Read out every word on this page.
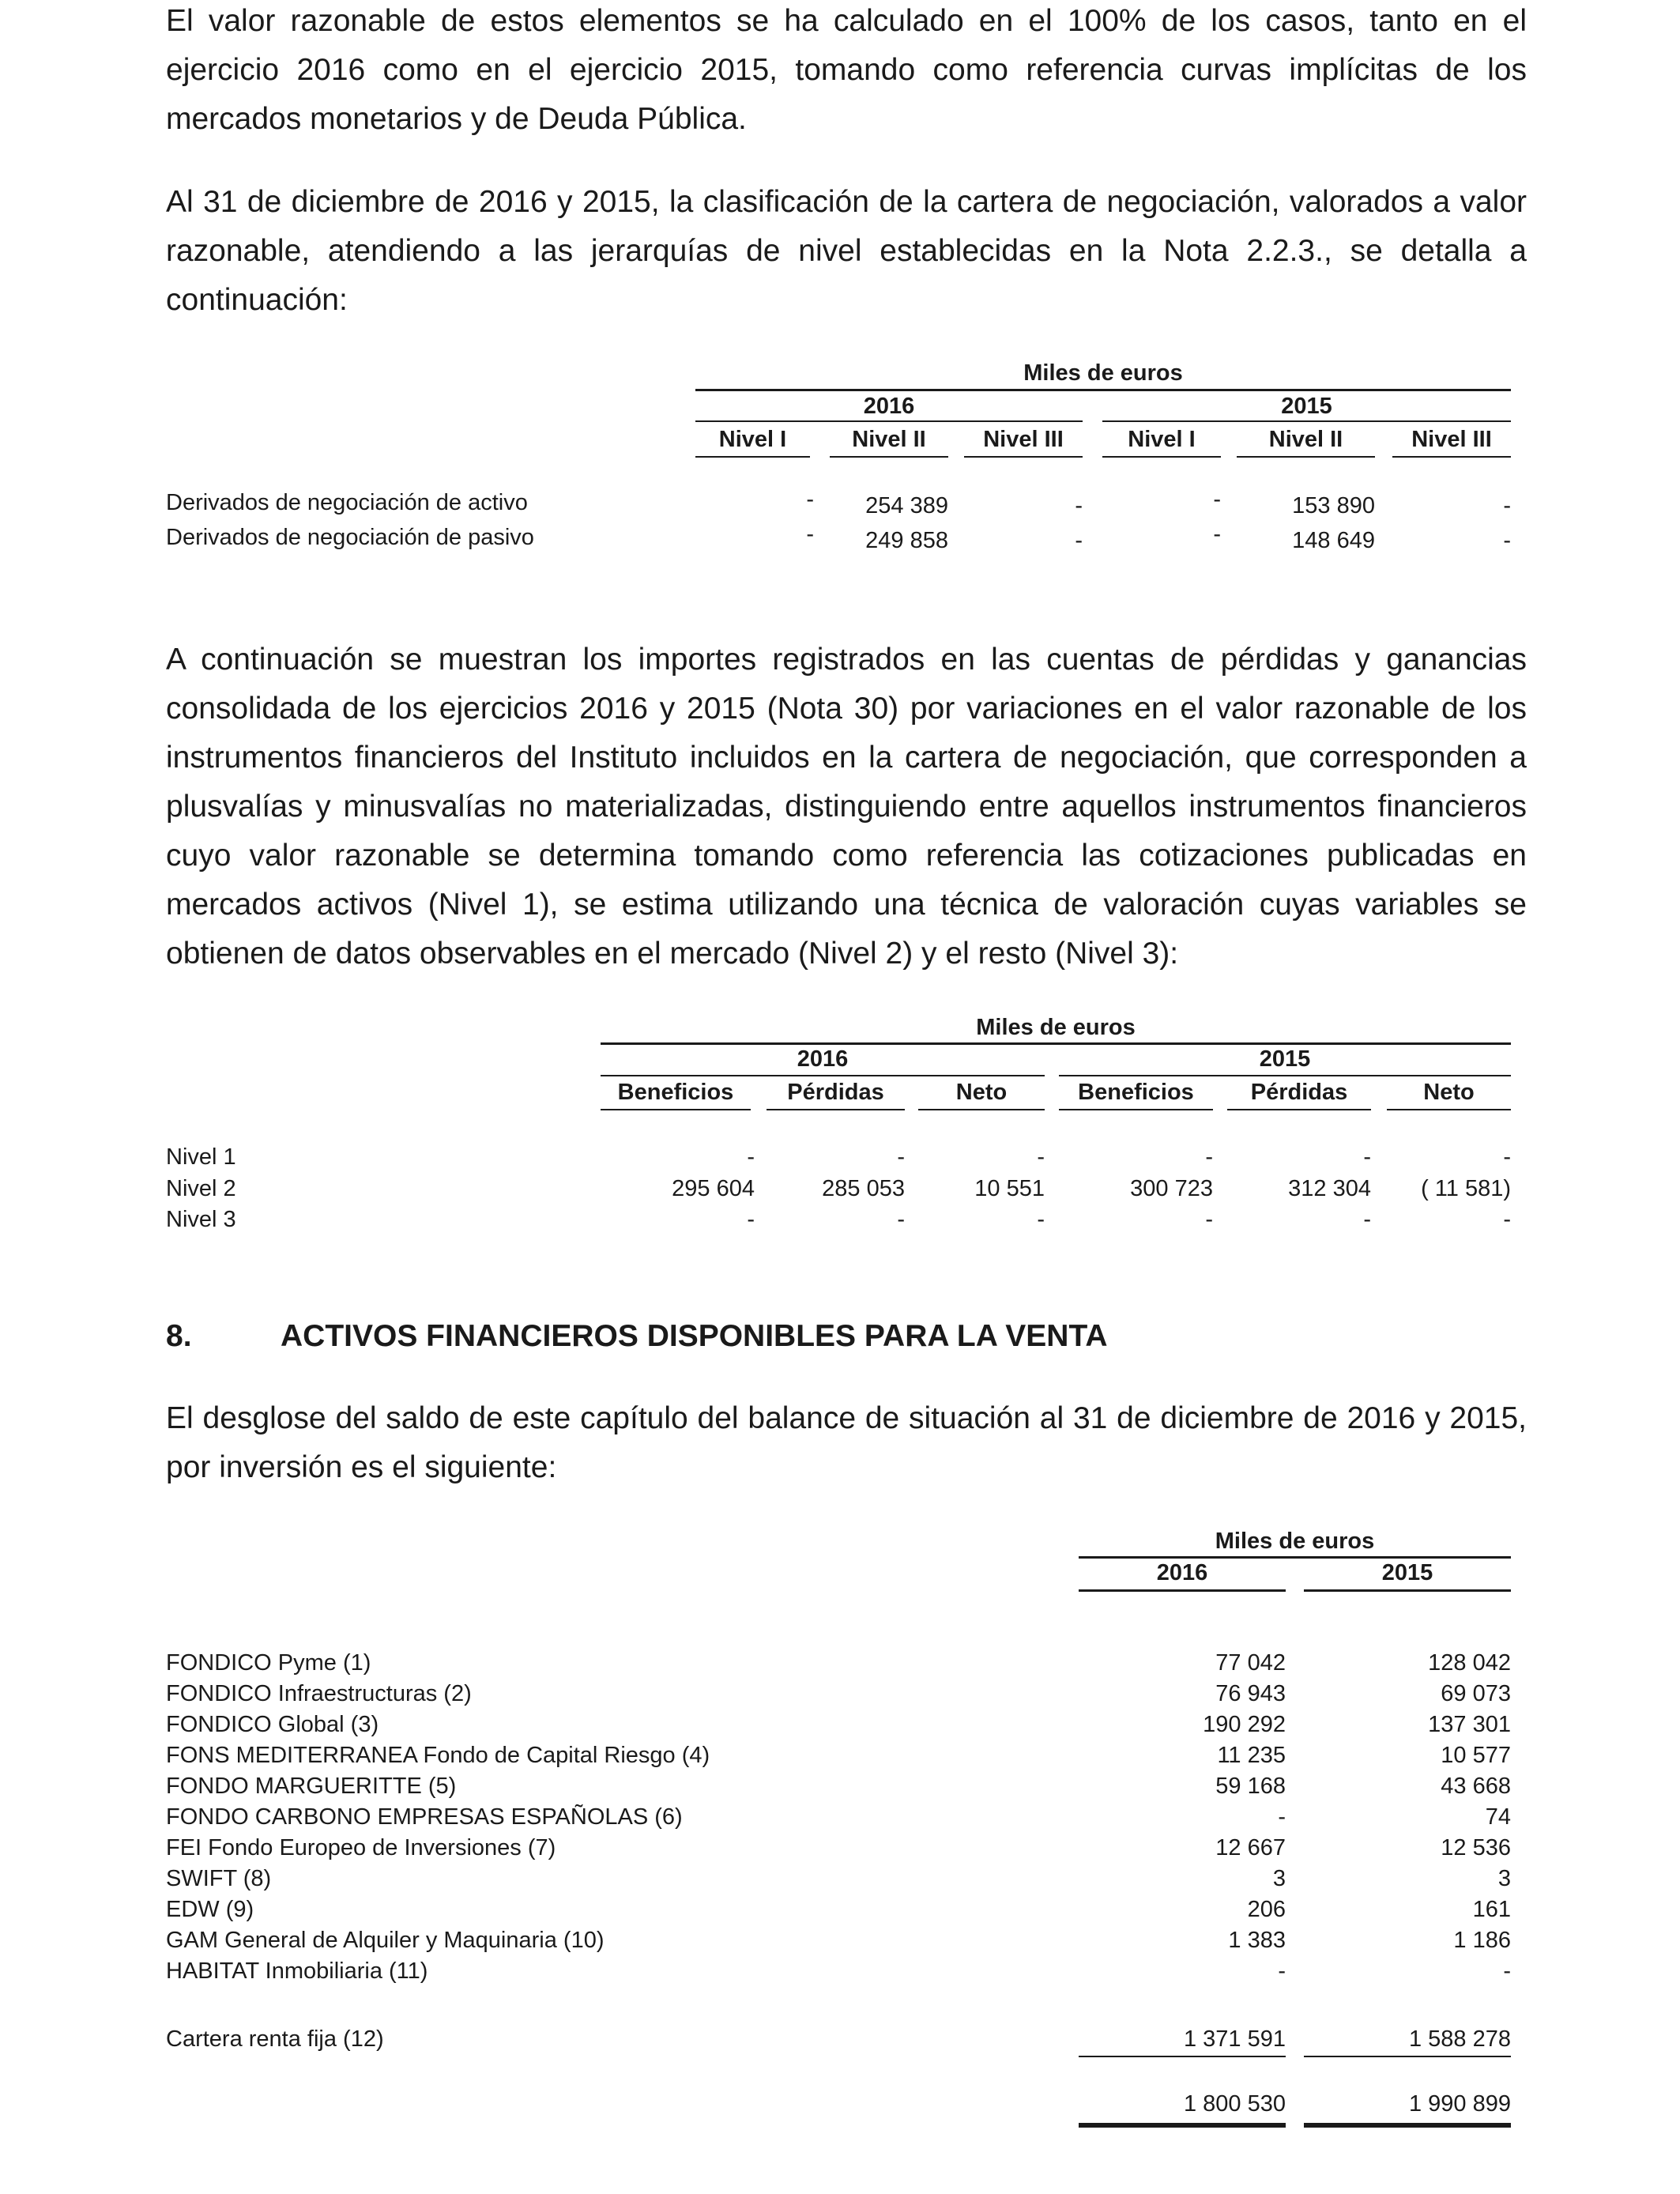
El valor razonable de estos elementos se ha calculado en el 100% de los casos, tanto en el ejercicio 2016 como en el ejercicio 2015, tomando como referencia curvas implícitas de los mercados monetarios y de Deuda Pública.

Al 31 de diciembre de 2016 y 2015, la clasificación de la cartera de negociación, valorados a valor razonable, atendiendo a las jerarquías de nivel establecidas en la Nota 2.2.3., se detalla a continuación:

Miles de euros
2016	2015
Nivel I	Nivel II	Nivel III	Nivel I	Nivel II	Nivel III
Derivados de negociación de activo	-	254 389	-	-	153 890	-
Derivados de negociación de pasivo	-	249 858	-	-	148 649	-

A continuación se muestran los importes registrados en las cuentas de pérdidas y ganancias consolidada de los ejercicios 2016 y 2015 (Nota 30) por variaciones en el valor razonable de los instrumentos financieros del Instituto incluidos en la cartera de negociación, que corresponden a plusvalías y minusvalías no materializadas, distinguiendo entre aquellos instrumentos financieros cuyo valor razonable se determina tomando como referencia las cotizaciones publicadas en mercados activos (Nivel 1), se estima utilizando una técnica de valoración cuyas variables se obtienen de datos observables en el mercado (Nivel 2) y el resto (Nivel 3):

Miles de euros
2016	2015
Beneficios	Pérdidas	Neto	Beneficios	Pérdidas	Neto
Nivel 1	-	-	-	-	-	-
Nivel 2	295 604	285 053	10 551	300 723	312 304	( 11 581)
Nivel 3	-	-	-	-	-	-
8.	ACTIVOS FINANCIEROS DISPONIBLES PARA LA VENTA

El desglose del saldo de este capítulo del balance de situación al 31 de diciembre de 2016 y 2015, por inversión es el siguiente:

Miles de euros
2016	2015
FONDICO Pyme (1)	77 042	128 042
FONDICO Infraestructuras (2)	76 943	69 073
FONDICO Global (3)	190 292	137 301
FONS MEDITERRANEA Fondo de Capital Riesgo (4)	11 235	10 577
FONDO MARGUERITTE (5)	59 168	43 668
FONDO CARBONO EMPRESAS ESPAÑOLAS (6)	-	74
FEI Fondo Europeo de Inversiones (7)	12 667	12 536
SWIFT (8)	3	3
EDW (9)	206	161
GAM General de Alquiler y Maquinaria (10)	1 383	1 186
HABITAT Inmobiliaria (11)	-	-
Cartera renta fija (12)	1 371 591	1 588 278
1 800 530	1 990 899
